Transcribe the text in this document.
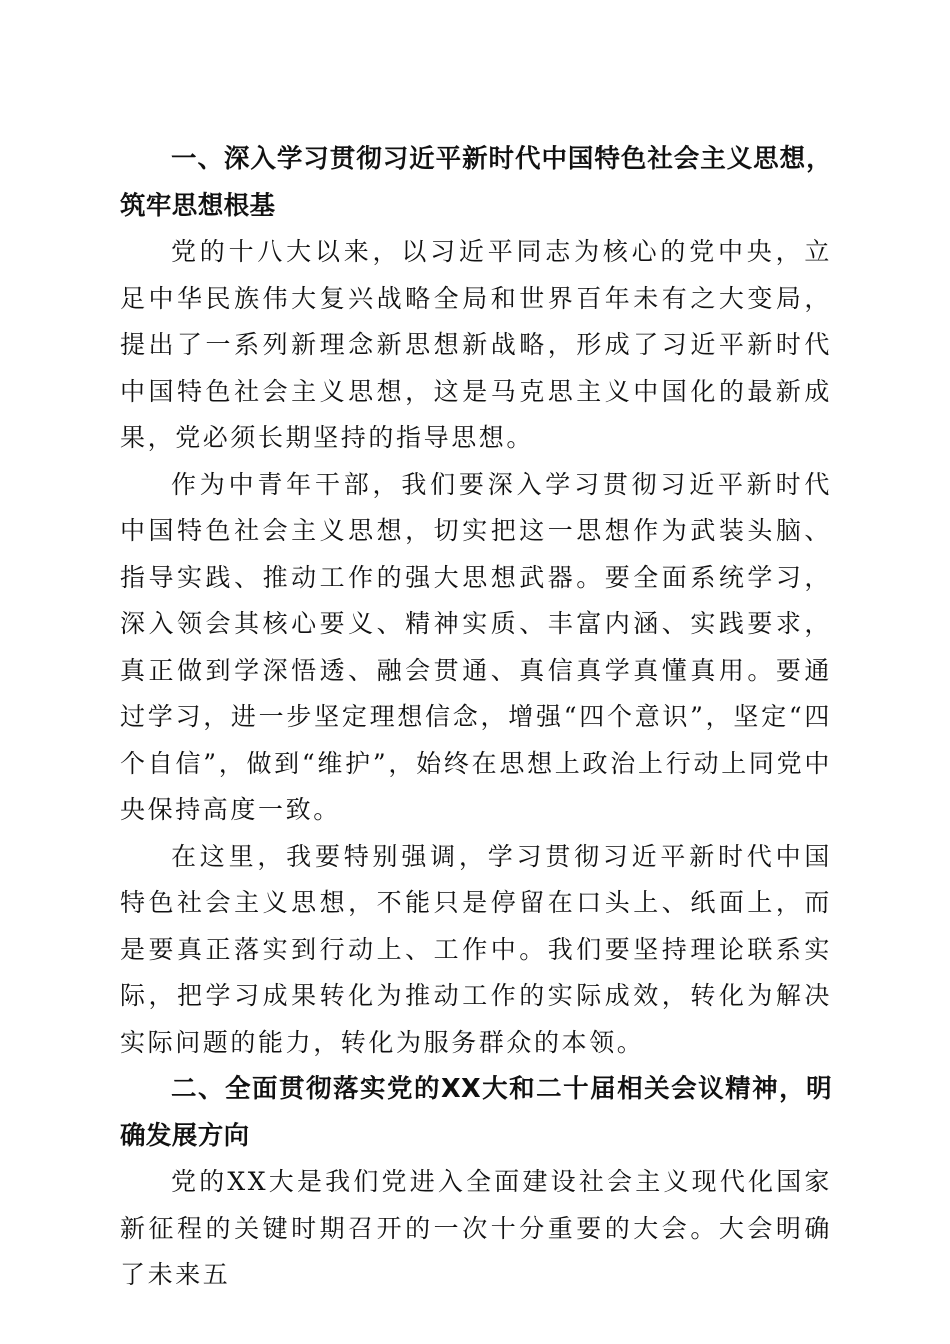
一、深入学习贯彻习近平新时代中国特色社会主义思想，筑牢思想根基

党的十八大以来，以习近平同志为核心的党中央，立足中华民族伟大复兴战略全局和世界百年未有之大变局，提出了一系列新理念新思想新战略，形成了习近平新时代中国特色社会主义思想，这是马克思主义中国化的最新成果，党必须长期坚持的指导思想。

作为中青年干部，我们要深入学习贯彻习近平新时代中国特色社会主义思想，切实把这一思想作为武装头脑、指导实践、推动工作的强大思想武器。要全面系统学习，深入领会其核心要义、精神实质、丰富内涵、实践要求，真正做到学深悟透、融会贯通、真信真学真懂真用。要通过学习，进一步坚定理想信念，增强“四个意识”，坚定“四个自信”，做到“维护”，始终在思想上政治上行动上同党中央保持高度一致。

在这里，我要特别强调，学习贯彻习近平新时代中国特色社会主义思想，不能只是停留在口头上、纸面上，而是要真正落实到行动上、工作中。我们要坚持理论联系实际，把学习成果转化为推动工作的实际成效，转化为解决实际问题的能力，转化为服务群众的本领。

二、全面贯彻落实党的XX大和二十届相关会议精神，明确发展方向

党的XX大是我们党进入全面建设社会主义现代化国家新征程的关键时期召开的一次十分重要的大会。大会明确了未来五
